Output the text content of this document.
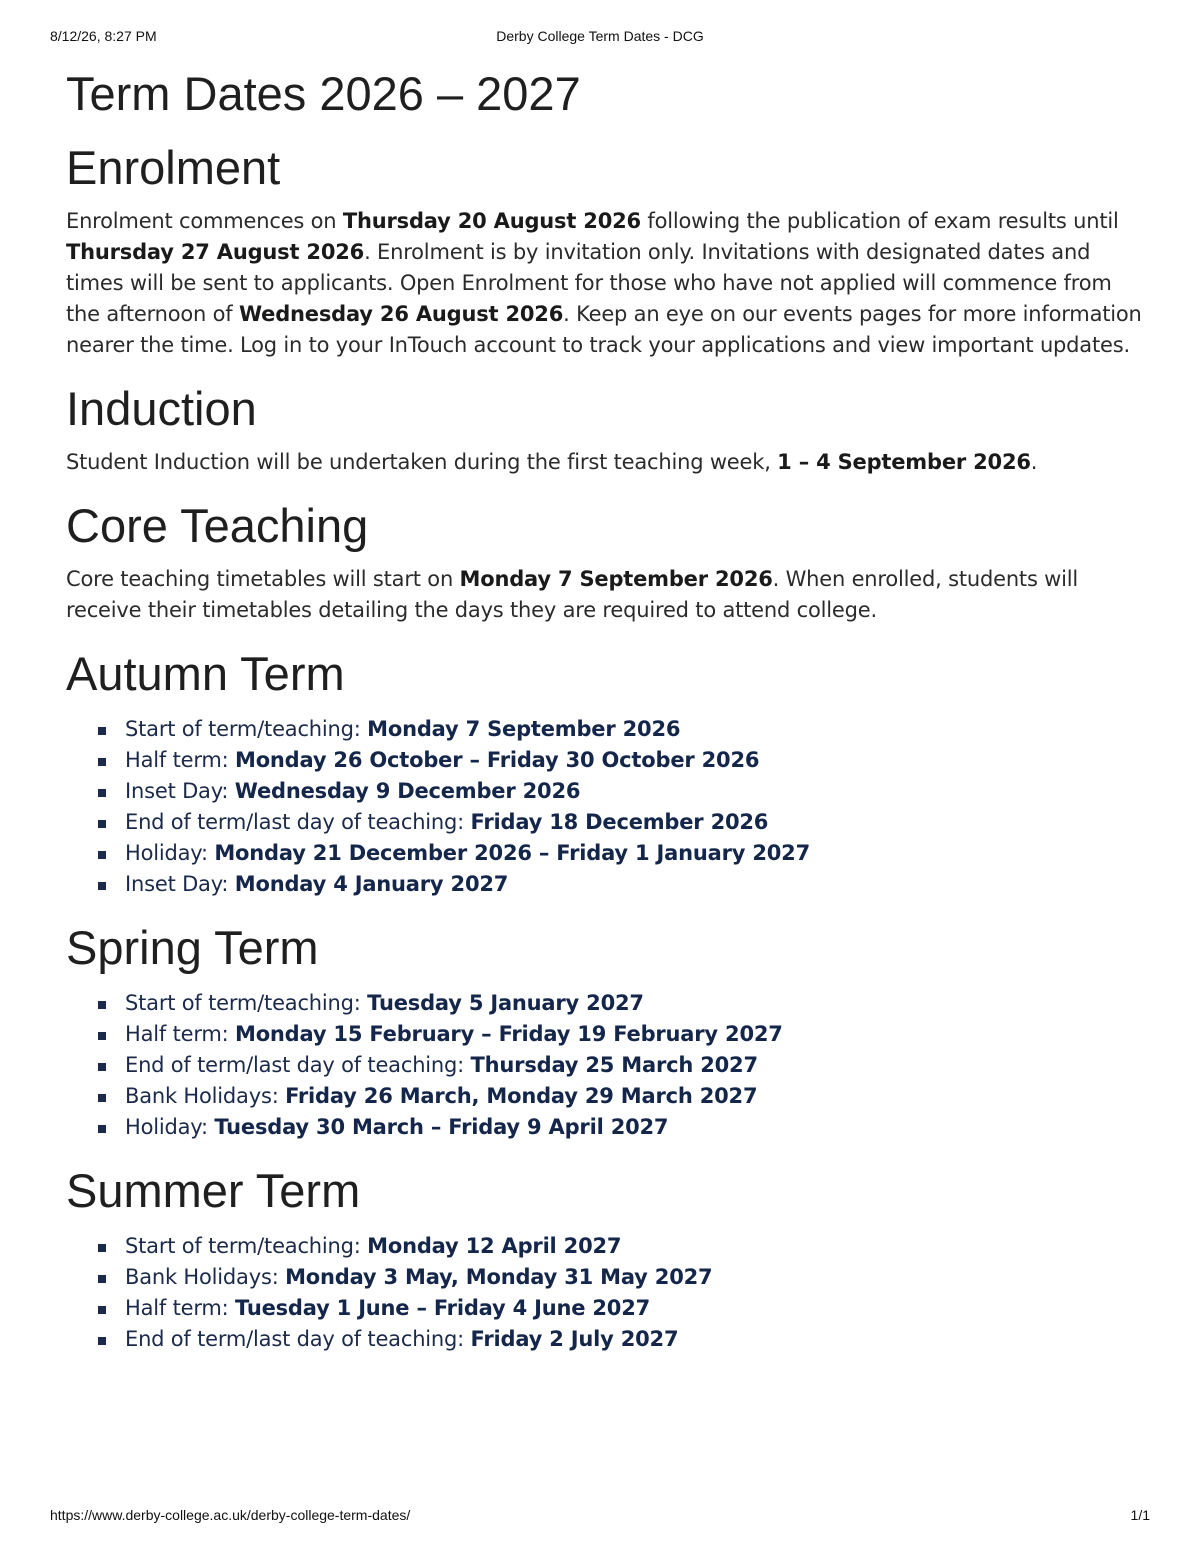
8/12/26, 8:27 PM	Derby College Term Dates - DCG
Term Dates 2026 – 2027
Enrolment

Enrolment commences on Thursday 20 August 2026 following the publication of exam results until Thursday 27 August 2026. Enrolment is by invitation only. Invitations with designated dates and times will be sent to applicants. Open Enrolment for those who have not applied will commence from the afternoon of Wednesday 26 August 2026. Keep an eye on our events pages for more information nearer the time. Log in to your InTouch account to track your applications and view important updates.

Induction

Student Induction will be undertaken during the first teaching week, 1 – 4 September 2026.

Core Teaching

Core teaching timetables will start on Monday 7 September 2026. When enrolled, students will receive their timetables detailing the days they are required to attend college.

Autumn Term
Start of term/teaching: Monday 7 September 2026
Half term: Monday 26 October – Friday 30 October 2026
Inset Day: Wednesday 9 December 2026
End of term/last day of teaching: Friday 18 December 2026
Holiday: Monday 21 December 2026 – Friday 1 January 2027
Inset Day: Monday 4 January 2027
Spring Term
Start of term/teaching: Tuesday 5 January 2027
Half term: Monday 15 February – Friday 19 February 2027
End of term/last day of teaching: Thursday 25 March 2027
Bank Holidays: Friday 26 March, Monday 29 March 2027
Holiday: Tuesday 30 March – Friday 9 April 2027
Summer Term
Start of term/teaching: Monday 12 April 2027
Bank Holidays: Monday 3 May, Monday 31 May 2027
Half term: Tuesday 1 June – Friday 4 June 2027
End of term/last day of teaching: Friday 2 July 2027
https://www.derby-college.ac.uk/derby-college-term-dates/	1/1
